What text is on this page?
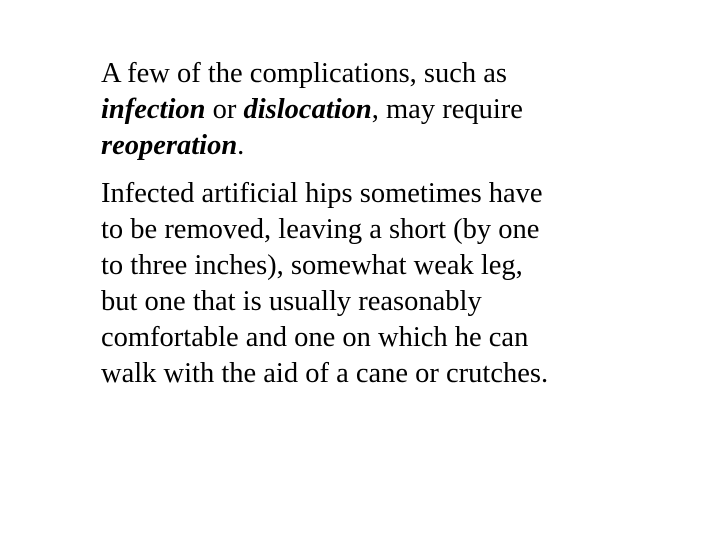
A few of the complications, such as
infection or dislocation, may require
reoperation.

Infected artificial hips sometimes have
to be removed, leaving a short (by one
to three inches), somewhat weak leg,
but one that is usually reasonably
comfortable and one on which he can
walk with the aid of a cane or crutches.
